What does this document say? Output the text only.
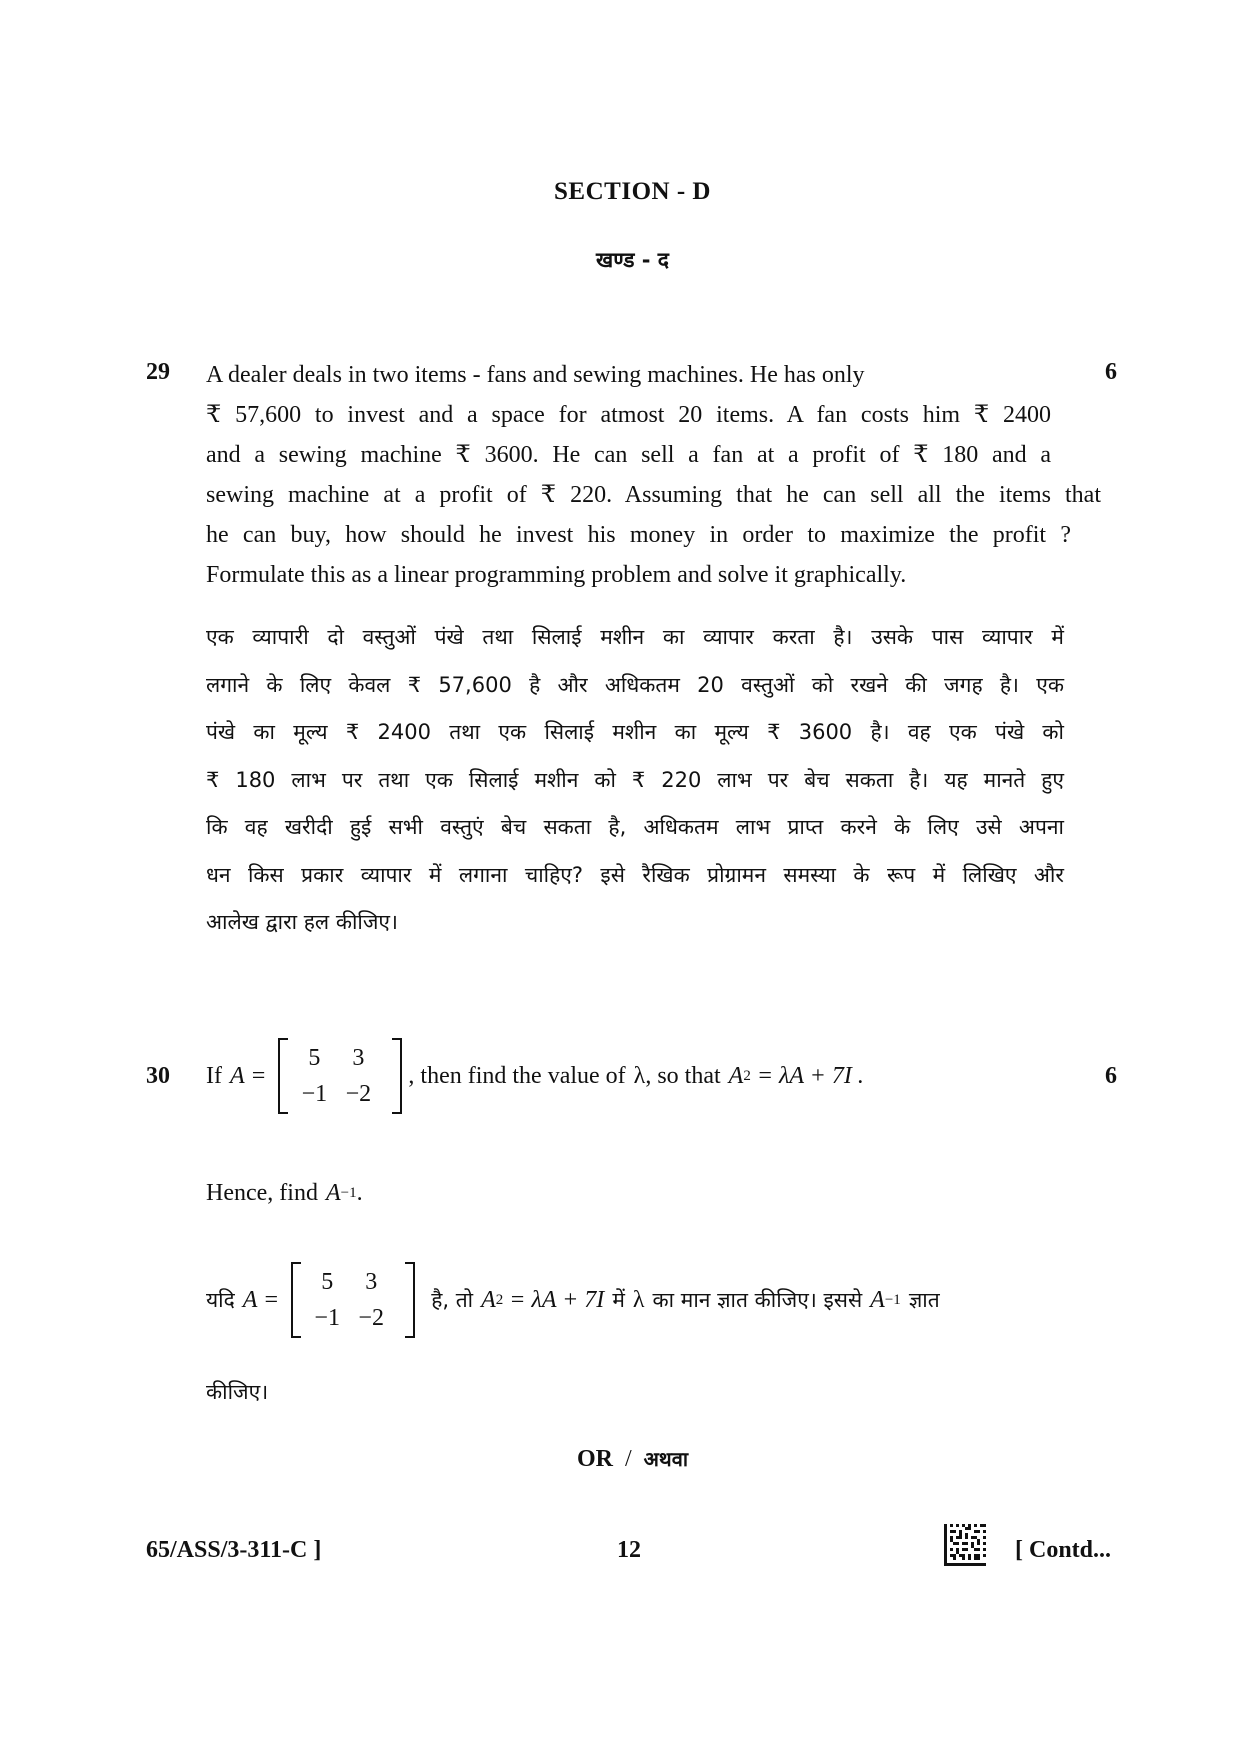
SECTION - D
खण्ड - द
29	6
A dealer deals in two items - fans and sewing machines. He has only
₹ 57,600 to invest and a space for atmost 20 items. A fan costs him ₹ 2400
and a sewing machine ₹ 3600. He can sell a fan at a profit of ₹ 180 and a
sewing machine at a profit of ₹ 220. Assuming that he can sell all the items that
he can buy, how should he invest his money in order to maximize the profit ?
Formulate this as a linear programming problem and solve it graphically.
एक व्यापारी दो वस्तुओं पंखे तथा सिलाई मशीन का व्यापार करता है। उसके पास व्यापार में
लगाने के लिए केवल ₹ 57,600 है और अधिकतम 20 वस्तुओं को रखने की जगह है। एक
पंखे का मूल्य ₹ 2400 तथा एक सिलाई मशीन का मूल्य ₹ 3600 है। वह एक पंखे को
₹ 180 लाभ पर तथा एक सिलाई मशीन को ₹ 220 लाभ पर बेच सकता है। यह मानते हुए
कि वह खरीदी हुई सभी वस्तुएं बेच सकता है, अधिकतम लाभ प्राप्त करने के लिए उसे अपना
धन किस प्रकार व्यापार में लगाना चाहिए? इसे रैखिक प्रोग्रामन समस्या के रूप में लिखिए और
आलेख द्वारा हल कीजिए।
30	6
If A =
5	3
−1 −2
, then find the value of λ , so that A 2 = λA + 7I .
Hence, find A −1 .
यदि A =
5	3
−1 −2
है, तो A 2 = λA + 7I में λ का मान ज्ञात कीजिए। इससे A −1 ज्ञात
कीजिए।
OR / अथवा
65/ASS/3-311-C ]	12	[ Contd...
